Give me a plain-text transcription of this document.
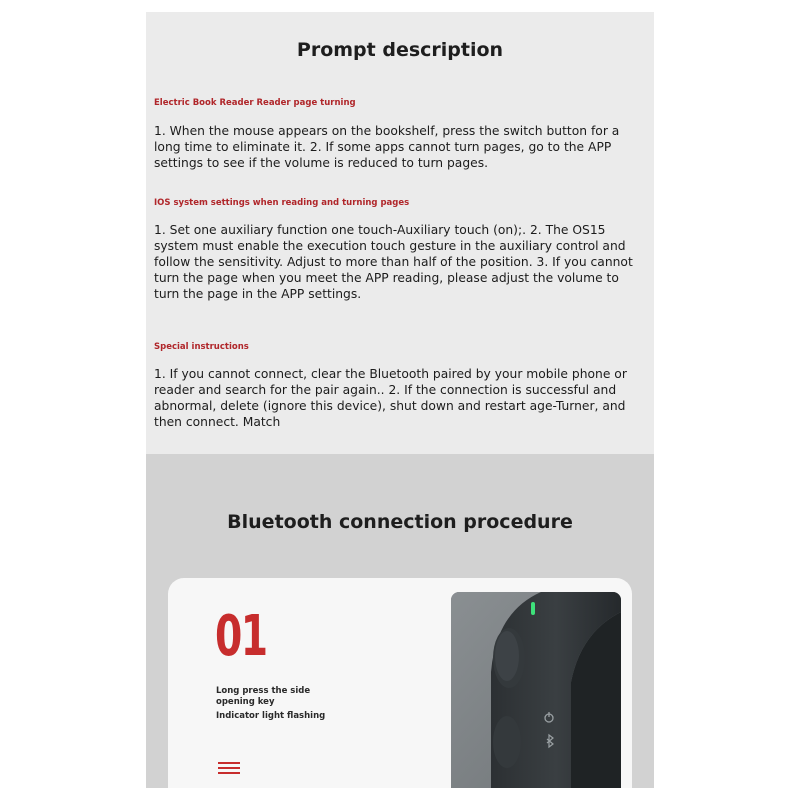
Prompt description
Electric Book Reader Reader page turning

1. When the mouse appears on the bookshelf, press the switch button for a long time to eliminate it. 2. If some apps cannot turn pages, go to the APP settings to see if the volume is reduced to turn pages.

IOS system settings when reading and turning pages

1. Set one auxiliary function one touch-Auxiliary touch (on);. 2. The OS15 system must enable the execution touch gesture in the auxiliary control and follow the sensitivity. Adjust to more than half of the position. 3. If you cannot turn the page when you meet the APP reading, please adjust the volume to turn the page in the APP settings.

Special instructions

1. If you cannot connect, clear the Bluetooth paired by your mobile phone or reader and search for the pair again.. 2. If the connection is successful and abnormal, delete (ignore this device), shut down and restart age-Turner, and then connect. Match

Bluetooth connection procedure
01
Long press the side
opening key
Indicator light flashing
